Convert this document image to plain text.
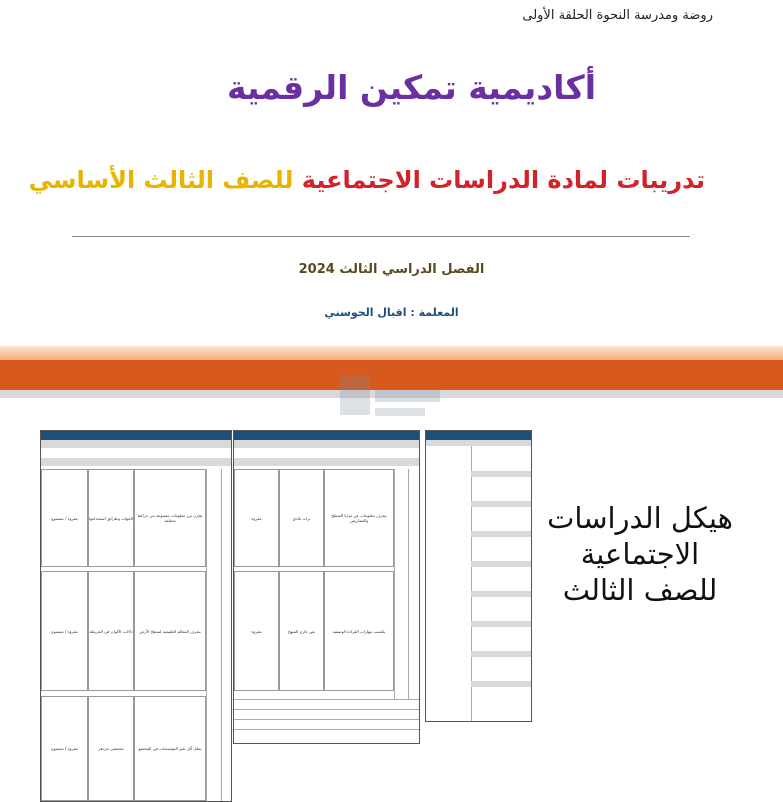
روضة ومدرسة النحوة الحلقة الأولى
أكاديمية تمكين الرقمية
تدريبات لمادة الدراسات الاجتماعية للصف الثالث الأساسي
الفصل الدراسي الثالث 2024
المعلمة : اقبال الحوسني
مقروء / مسموع	الجهات وطرائق استخدامها	يقارن بين معلومات مصنوعة من خرائط مختلفة
مقروء / مسموع	دلالات الألوان في الخريطة	يتعرف المعالم الطبيعية لسطح الأرض
مقروء / مسموع	مجتمعي مزدهر	يحلل آثار تغير المؤسسات في المجتمع
مقروء	تراث بلادي	يتعرف معلومات عن مزايا السطح والتضاريس
مقروء	نص خارج المنهج	يكتسب مهارات القراءة الوصفية
هيكل الدراسات
الاجتماعية
للصف الثالث
